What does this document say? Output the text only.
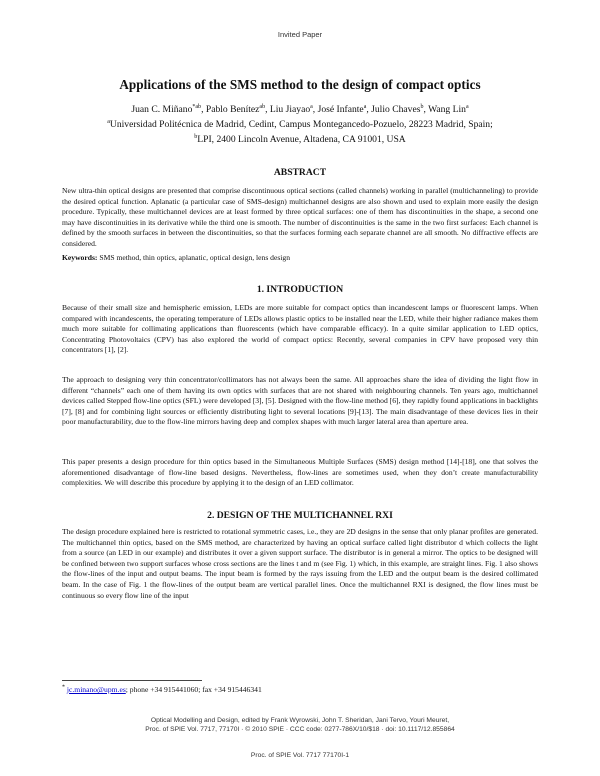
Invited Paper
Applications of the SMS method to the design of compact optics
Juan C. Miñano$^{*ab}$, Pablo Benítez$^{ab}$, Liu Jiayao$^a$, José Infante$^a$, Julio Chaves$^b$, Wang Lin$^a$
$^a$Universidad Politécnica de Madrid, Cedint, Campus Montegancedo-Pozuelo, 28223 Madrid, Spain;
$^b$LPI, 2400 Lincoln Avenue, Altadena, CA 91001, USA
ABSTRACT
New ultra-thin optical designs are presented that comprise discontinuous optical sections (called channels) working in parallel (multichanneling) to provide the desired optical function. Aplanatic (a particular case of SMS-design) multichannel designs are also shown and used to explain more easily the design procedure. Typically, these multichannel devices are at least formed by three optical surfaces: one of them has discontinuities in the shape, a second one may have discontinuities in its derivative while the third one is smooth. The number of discontinuities is the same in the two first surfaces: Each channel is defined by the smooth surfaces in between the discontinuities, so that the surfaces forming each separate channel are all smooth. No diffractive effects are considered.
Keywords: SMS method, thin optics, aplanatic, optical design, lens design
1. INTRODUCTION
Because of their small size and hemispheric emission, LEDs are more suitable for compact optics than incandescent lamps or fluorescent lamps. When compared with incandescents, the operating temperature of LEDs allows plastic optics to be installed near the LED, while their higher radiance makes them much more suitable for collimating applications than fluorescents (which have comparable efficacy). In a quite similar application to LED optics, Concentrating Photovoltaics (CPV) has also explored the world of compact optics: Recently, several companies in CPV have proposed very thin concentrators [1], [2].
The approach to designing very thin concentrator/collimators has not always been the same. All approaches share the idea of dividing the light flow in different “channels” each one of them having its own optics with surfaces that are not shared with neighbouring channels. Ten years ago, multichannel devices called Stepped flow-line optics (SFL) were developed [3], [5]. Designed with the flow-line method [6], they rapidly found applications in backlights [7], [8] and for combining light sources or efficiently distributing light to several locations [9]-[13]. The main disadvantage of these devices lies in their poor manufacturability, due to the flow-line mirrors having deep and complex shapes with much larger lateral area than aperture area.
This paper presents a design procedure for thin optics based in the Simultaneous Multiple Surfaces (SMS) design method [14]-[18], one that solves the aforementioned disadvantage of flow-line based designs. Nevertheless, flow-lines are sometimes used, when they don’t create manufacturability complexities. We will describe this procedure by applying it to the design of an LED collimator.
2. DESIGN OF THE MULTICHANNEL RXI
The design procedure explained here is restricted to rotational symmetric cases, i.e., they are 2D designs in the sense that only planar profiles are generated. The multichannel thin optics, based on the SMS method, are characterized by having an optical surface called light distributor d which collects the light from a source (an LED in our example) and distributes it over a given support surface. The distributor is in general a mirror. The optics to be designed will be confined between two support surfaces whose cross sections are the lines t and m (see Fig. 1) which, in this example, are straight lines. Fig. 1 also shows the flow-lines of the input and output beams. The input beam is formed by the rays issuing from the LED and the output beam is the desired collimated beam. In the case of Fig. 1 the flow-lines of the output beam are vertical parallel lines. Once the multichannel RXI is designed, the flow lines must be continuous so every flow line of the input
* jc.minano@upm.es; phone +34 915441060; fax +34 915446341
Optical Modelling and Design, edited by Frank Wyrowski, John T. Sheridan, Jani Tervo, Youri Meuret,
Proc. of SPIE Vol. 7717, 77170I · © 2010 SPIE · CCC code: 0277-786X/10/$18 · doi: 10.1117/12.855864
Proc. of SPIE Vol. 7717 77170I-1
